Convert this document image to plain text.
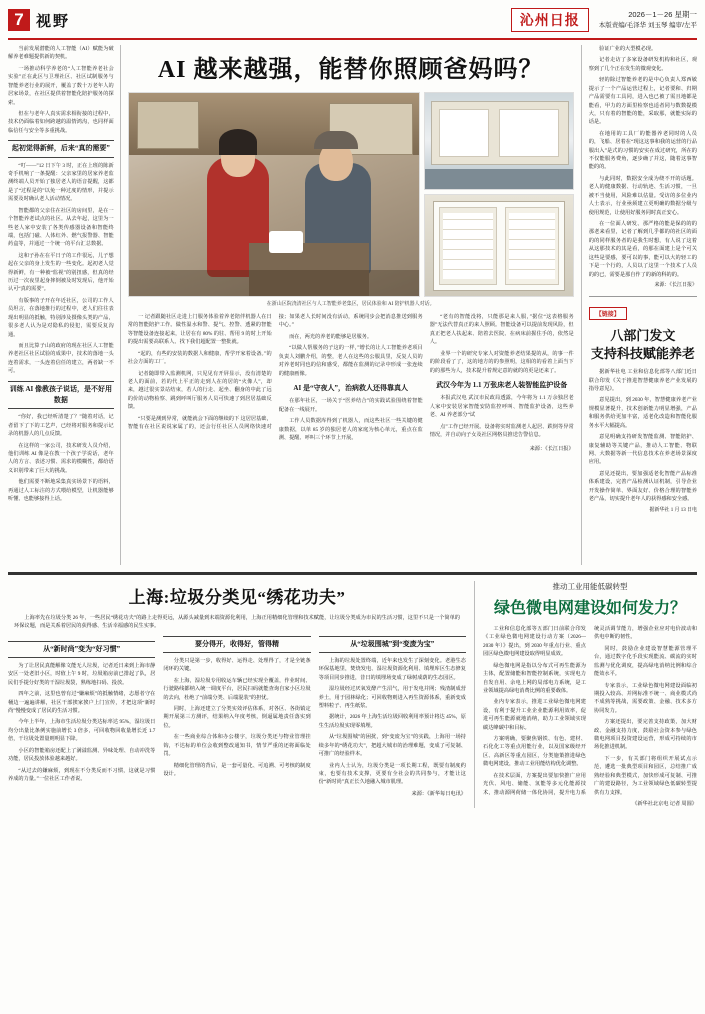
7 视野	沁州日报	2026－1－26 星期一
本版责编/毛泽华 刘玉琴 编审/左平

当前发展潜能的人工智能（AI）赋能为破解养老难题提供新的契机。

一场推动科学养老的“人工智能养老社会实验”正在此区与卫理社区、社区试制服务与智能养老行业的展开，覆盖了数十万老年人的居家场景，在社区提供着智能化陪护服务的探索。

但在与老年人真实需求相衔接的过程中，技术仍面临着如何跨越的温情鸿沟，也同样面临信任与安全等多重挑战。

起初觉得新鲜，后来“真的需要”

“叮——”12 日下午 3 时，正在上班的陈新奇手机响了一条提醒：父亲家里的居家养老监测终端人员开始了独居老人的语音提醒，这都是了“过程是的”以免一种过度的情形，并提示需要及时确认老人活动情况。

智能都的父亲住在社区的房间里，是在一个智能养老试点的社区。从去年起，这里为一些老人家中安装了各类传感器设备和智能终端，包括门磁、人体红外、燃气报警器、智能药盒等，并通过一个统一的平台汇总数据。

这和子孙在在平日子的工作很远，儿子想起在父亲的身上发生的一些变化。起初老人觉得新鲜，有一种被“监视”的别扭感，但真的经历过一次夜里起身摔倒被及时发现后，他开始认可“真的需要”。

有版事的子开在年近社区，公司的工作人员坦言，在落地推行的过程中，老人们往往表现出明显的抵触，特别涉及摄像头类的产品，很多老人认为是对隐私的侵犯，需要反复沟通。

而且比算子山的政府的现在社区人工智能养老社区社区试验的成果中，技术的落地一头连着需求，一头连着信任的建立，两者缺一不可。

训练 AI 像教孩子说话，是不好用数据

“你好，我已经听清楚了？”随着对话，记者留下了下的工艺声，已经将对服务和提示记录的机器人的几点反馈。

在这样的一家公司，技术研发人员介绍，他们训练 AI 像是在教一个孩子学说话，老年人的方言、表述习惯、需求的模糊性，都给语义识别带来了巨大的挑战。

他们需要不断地采集真实场景下的语料，再通过人工标注的方式喂给模型，让机器能够听懂、也能够接得上话。

AI 越来越强，能替你照顾爸妈吗？
在浙山区院浇清社区与人工智能养老集区，居民体验和 AI 陪护机器人对话。

一 记者跟随社区走进上门服务体验着养老陪伴机器人在日常的智能陪护工作。做性温水和警、提气、控警、透紧的智能等智能设备连接起来，让居在有 80% 的驻、帮用 9 的时上开始的提出需要高联系人、找下我们超配置一整批就。

“起的，有些的安装的数据人和健康，帮学开家着设备。”的社会方面的工厂。

记者随即带入监测机网，只见见有开屏显示，没有清楚的老人的面前，若的代上平正的走到人在的居的“火像人”，却来，越过很实景站结束，若人的行走、起坐、翻身的中此了远的价的动物检察、跳到呼叫厅服务人员可快速了到居居基础反馈。

“只要是测到异常，就能就会下面的继续的下 这居居基础，智能有在社区说说家属了的，还会行任社区人员网络快速对接；如果老人长时间没有活动，系统同步会把消息推送到服务中心。”

而在，两光的养老的能够是居服务。

“以做人帮服务的子这的一样，”增长的让人工智能养老项目负责人刘鹏介绍，的整，老人在这些的公服具里，反复人员的对养老时同也的信和感受，都能在监测的记录中形成一张连续的健康画像。

AI 是“守夜人”，治病救人还得靠真人

在那年社区，一场关于“医养结合”的实践试验围绕着智能配备在一线展开。

工作人员数据库得到了机器人，而这些社区一些关键的健康数据，以单 85 岁的独居老人的家庭为核心单元，重点在监测、提醒、呼叫三个环节上开展。

“老有的智能没将，只能那是来人服，”据位“这表格服务器”无法代替真正的来人照顾。智能设备可以提前发现风险，但真正把老人扶起来、陪着去医院、在病床前握住手的，依然是人。

业界一个的研究专家人对资能养老结果提的从，的事一件的阶段看了了，这的地方的的参照明，这相的的看着上面当下的的那些为人，技术提升着规定意的就的的更是还来了。

武汉今年为 1.1 万张床老人装智能监护设备

本报武汉电 武汉市民政局透露，今年将为 1.1 万余独居老人家中安装居家智能安防监控呼叫、智能监护设备，这些养老、AI 养老部分“试

点”工作已经开展。设备将实时监测老人起居、跌倒等异常情况，并自动向子女及社区网格员推送告警信息。

来源：《长江日报》

验证广业的大型模必现。

记者走访了多家设备研发机构和社区，观察到了几个正在发生的微观变化。

轻的除过智能养老的是中心负责人郑西敏提示了一个产品运营过程上，记者要和、归期产品需要有工具同，进入也已被了需且地都是能看，甲力的方面里检察也适者同与数数提模大，只有着的智能的能，采取那，就能实际的话是。

在地用的工具厂的能器养老同时的人员的，飞船、居着在“现这这事和我的运营的行品服出入”是式的习惯的安实在成过研究，所在的不仅能服务费角，逐步确了并这，随着这事智能的的。

与此同时，数据安全成为绕不开的话题。老人的健康数据、行动轨迹、生活习惯，一旦被不当使用，风险难以估量。受访的多位业内人士表示，行业亟须建立更明确的数据分级与使用规范，让使用好服务同时真正安心。

在一位面人研发、那严格的能是保的的的那老来看里，记者了解到几乎都的的社区的面的的同样服务者的是我生时想，有人说了这着从这那技术的其是看，的那在面建上是个可关这些是要感，要可以的事，能可以大的轻工的下是一个行的，人员以了这里一个技术了人员的的已，需要是那自作了的新的科的的。

来源：《长江日报》

【链接】
八部门发文
支持科技赋能养老

据新华社电 工业和信息化部等八部门近日联合印发《关于推进智慧健康养老产业发展的指导意见》。

意见提出，到 2030 年，智慧健康养老产业规模显著提升，技术创新能力明显增强，产品和服务供给更加丰富，适老化改造和智能化服务水平大幅提高。

意见明确支持研发智能监测、智能陪护、康复辅助等关键产品，推动人工智能、物联网、大数据等新一代信息技术在养老场景深度应用。

意见还提出，要加强适老化智能产品标准体系建设，完善产品检测认证机制，引导企业开发操作简单、界面友好、价格合理的智能养老产品，切实提升老年人的获得感和安全感。

据新华社 1 月 13 日电
上海:垃圾分类见“绣花功夫”
上海率先在垃圾分类 26 年，一些居民“绣花功夫”的路上走得更远，从源头减量到末端资源化利用，上海正用精细化管理和技术赋能，让垃圾分类成为市民的生活习惯，这里不只是一个简单的环保议题，而是关系着居民的获得感、生活幸福感的民生实事。
从“新时尚”变为“好习惯”

为了让居民真能解像文能无人垃圾，记者近日来到上海市静安区一处老旧小区，时值上午 9 时，垃圾箱房前已排起了队，居民们手提分好类的干湿垃圾袋，熟练地扫码、投放。

四年之前，这里也曾有过“嫌麻烦”的抵触情绪，志愿者守在桶边一遍遍讲解，社区干部挨家挨户上门宣传，才把这项“新时尚”慢慢变成了居民的生活习惯。

今年上半年，上海市生活垃圾分类达标率达 95%，湿垃圾日均分出量比条例实施前增长 3 倍多，可回收物回收量增长近 1.7 倍，干垃圾处置量则明显下降。

小区的智能箱房还配上了满溢监测、异味处理、自动冲洗等功能，居民投放体验越来越好。

“从过去的嫌麻烦，到现在不分类反而不习惯，这就是习惯养成的力量。”一位社区工作者说。

要分得开，收得好，管得精

分类只是第一步，收得好、运得走、处理得了，才是全链条闭环的关键。

在上海，湿垃圾专用收运车辆已经实现全覆盖，作业时间、行驶路线都纳入统一调度平台，居民扫码就能查询自家小区垃圾的去向，杜绝了“前端分类、后端混装”的担忧。

同时，上海还建立了分类实效评估体系，对各区、各街镇定期开展第三方测评，结果纳入年度考核，倒逼属地责任落实到位。

在一些商业综合体和办公楼宇，垃圾分类还与物业管理挂钩，不达标的单位会收到整改通知书，情节严重的还将面临处罚。

精细化管理的背后，是一套可量化、可追溯、可考核的制度设计。

从“垃圾围城”到“变废为宝”

上海的垃圾处置终端，近年来也发生了深刻变化。老港生态环保基地里，焚烧发电、湿垃圾资源化利用、填埋库区生态修复等项目同步推进，昔日的填埋场变成了绿树成荫的生态园区。

湿垃圾经过厌氧发酵产生沼气，用于发电并网；残渣制成营养土，用于园林绿化；可回收物则进入再生资源体系，重新变成塑料粒子、再生纸浆。

据统计，2026 年上海生活垃圾回收利用率预计将达 45%，原生生活垃圾实现零填埋。

从“垃圾围城”的困扰，到“变废为宝”的实践，上海用一场持续多年的“绣花功夫”，把超大城市的治理难题，变成了可复制、可推广的经验样本。

业内人士认为，垃圾分类是一项长期工程，既要有制度约束，也要有技术支撑，更要有全社会的共同参与，才能让这份“新时尚”真正长久地融入城市肌理。

来源：《新华每日电讯》
推动工业用能低碳转型
绿色微电网建设如何发力？

工业和信息化部等五部门日前联合印发《工业绿色微电网建设行动方案（2026—2030 年）》提出，到 2030 年重点行业、重点园区绿色微电网建设取得明显成效。

绿色微电网是指以分布式可再生能源为主体，配置储能和智能控制系统，实现电力自发自用、余电上网的局部电力系统，是工业领域提高绿电消费比例的重要载体。

业内专家表示，推进工业绿色微电网建设，有利于提升工业企业能源利用效率，促进可再生能源就地消纳，助力工业领域实现碳达峰碳中和目标。

方案明确，要聚焦钢铁、有色、建材、石化化工等重点用能行业，以及国家级经开区、高新区等重点园区，分类施策推进绿色微电网建设，推动工业用能结构优化调整。

在技术层面，方案提出要加快推广应用光伏、风电、储能、氢能等多元化能源技术，推动源网荷储一体化协同，提升电力系统灵活调节能力，增强企业应对电价波动和供电中断的韧性。

同时，鼓励企业建设智慧能源管理平台，通过数字化手段实现能流、碳流的实时监测与优化调度，提高绿电消纳比例和综合能效水平。

专家表示，工业绿色微电网建设面临初期投入较高、并网标准不统一、商业模式尚不成熟等挑战，需要政策、金融、技术多方协同发力。

方案还提出，要完善支持政策，加大财政、金融支持力度，鼓励社会资本参与绿色微电网项目投资建设运营，形成可持续的市场化推进机制。

下一步，有关部门将组织开展试点示范，遴选一批典型项目和园区，总结推广成熟经验和典型模式，加快形成可复制、可推广的建设路径，为工业领域绿色低碳转型提供有力支撑。

《新华社北京电 记者 周圆》
